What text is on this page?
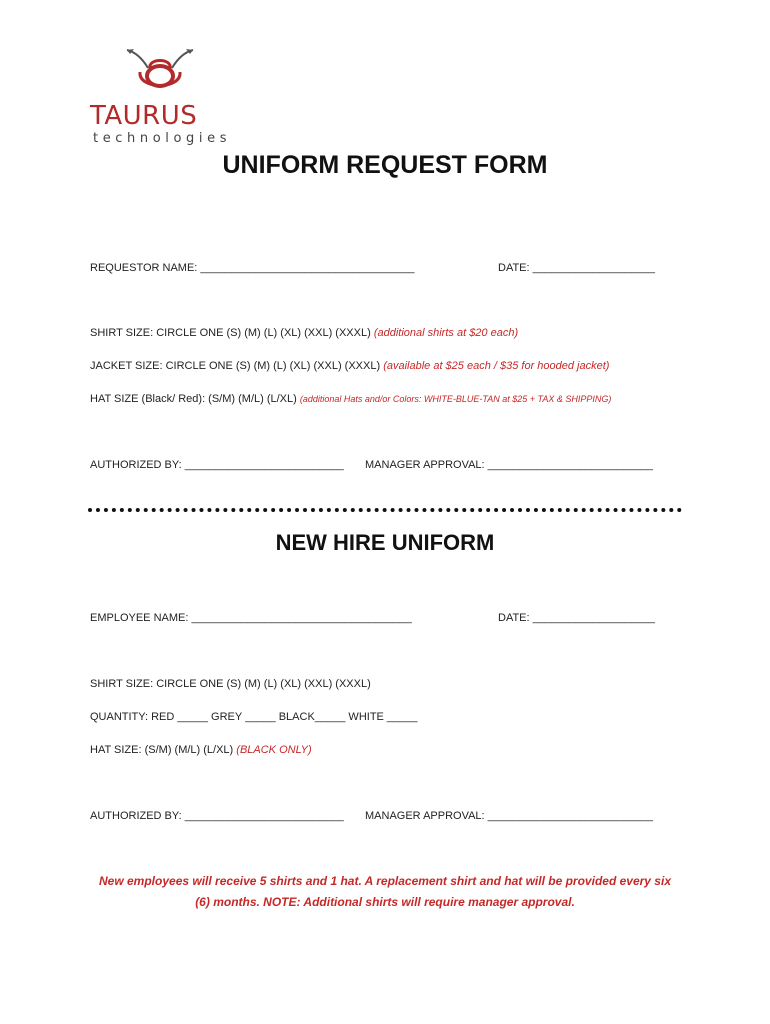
TAURUS
technologies
UNIFORM REQUEST FORM
REQUESTOR NAME: ___________________________________	DATE: ____________________
SHIRT SIZE: CIRCLE ONE (S) (M) (L) (XL) (XXL) (XXXL) (additional shirts at $20 each)
JACKET SIZE: CIRCLE ONE (S) (M) (L) (XL) (XXL) (XXXL) (available at $25 each / $35 for hooded jacket)
HAT SIZE (Black/ Red): (S/M) (M/L) (L/XL) (additional Hats and/or Colors: WHITE-BLUE-TAN at $25 + TAX & SHIPPING)
AUTHORIZED BY: __________________________ MANAGER APPROVAL: ___________________________
NEW HIRE UNIFORM
EMPLOYEE NAME: ____________________________________	DATE: ____________________
SHIRT SIZE: CIRCLE ONE (S) (M) (L) (XL) (XXL) (XXXL)
QUANTITY: RED _____ GREY _____ BLACK_____ WHITE _____
HAT SIZE: (S/M) (M/L) (L/XL) (BLACK ONLY)
AUTHORIZED BY: __________________________ MANAGER APPROVAL: ___________________________
New employees will receive 5 shirts and 1 hat. A replacement shirt and hat will be provided every six
(6) months. NOTE: Additional shirts will require manager approval.
